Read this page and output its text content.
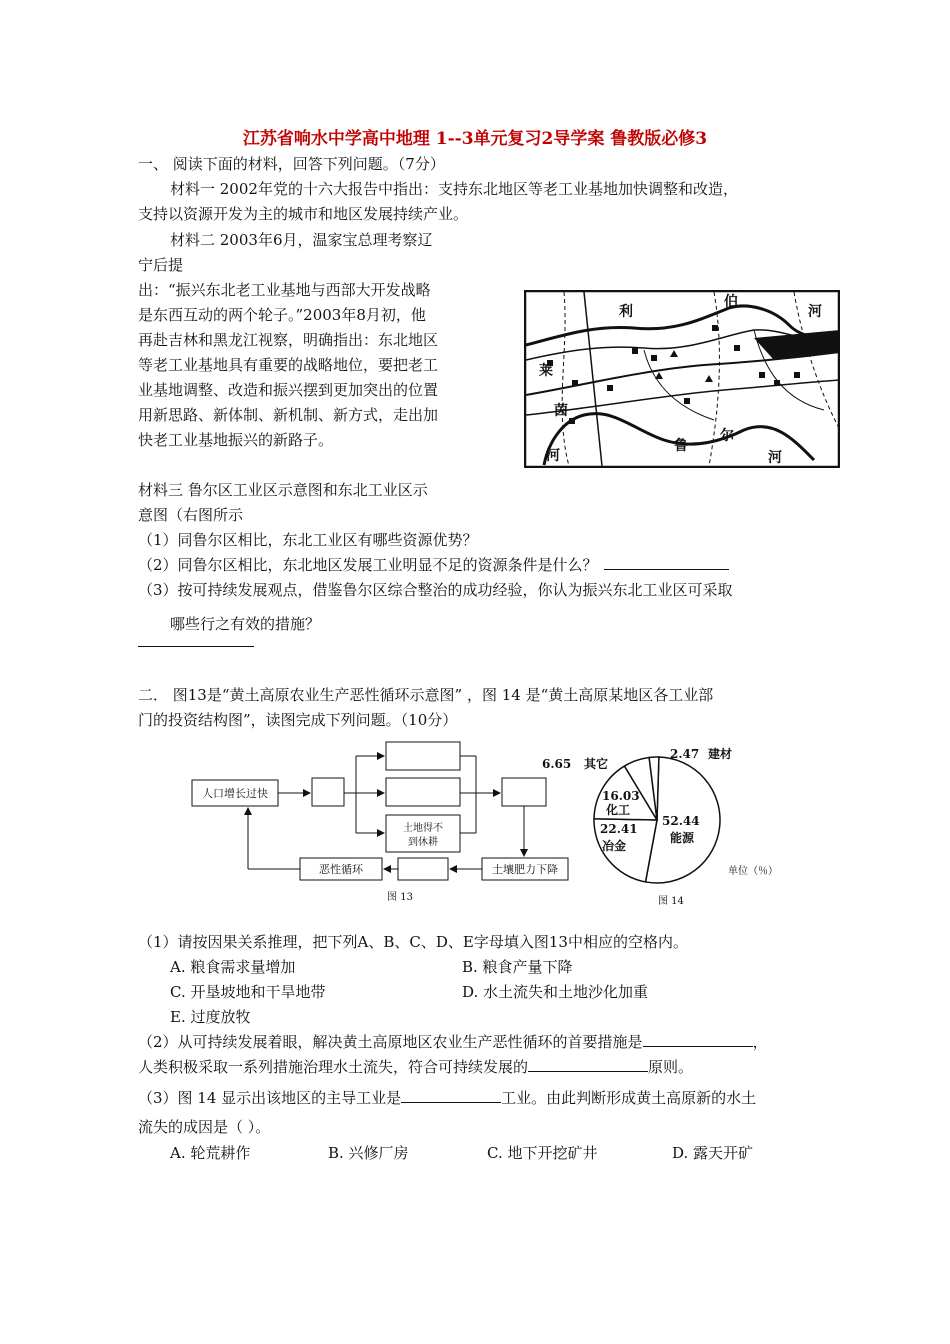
江苏省响水中学高中地理 1--3单元复习2导学案 鲁教版必修3
一、 阅读下面的材料，回答下列问题。（7分）
材料一 2002年党的十六大报告中指出：支持东北地区等老工业基地加快调整和改造，
支持以资源开发为主的城市和地区发展持续产业。
材料二 2003年6月，温家宝总理考察辽
宁后提
出：“振兴东北老工业基地与西部大开发战略
是东西互动的两个轮子。”2003年8月初，他
再赴吉林和黑龙江视察，明确指出：东北地区
等老工业基地具有重要的战略地位，要把老工
业基地调整、改造和振兴摆到更加突出的位置
用新思路、新体制、新机制、新方式，走出加
快老工业基地振兴的新路子。
材料三 鲁尔区工业区示意图和东北工业区示
意图（右图所示
利
伯
河
莱
茵
河
鲁
尔
河
（1）同鲁尔区相比，东北工业区有哪些资源优势？
（2）同鲁尔区相比，东北地区发展工业明显不足的资源条件是什么？
（3）按可持续发展观点，借鉴鲁尔区综合整治的成功经验，你认为振兴东北工业区可采取
哪些行之有效的措施？
二． 图13是“黄土高原农业生产恶性循环示意图” ，图 14 是“黄土高原某地区各工业部
门的投资结构图”，读图完成下列问题。（10分）
人口增长过快
土地得不
到休耕
土壤肥力下降
恶性循环
图 13
52.44
能源
22.41
冶金
16.03
化工
6.65 其它
2.47 建材
单位（％）
图 14
（1）请按因果关系推理，把下列A、B、C、D、E字母填入图13中相应的空格内。
A. 粮食需求量增加	B. 粮食产量下降
C. 开垦坡地和干旱地带	D. 水土流失和土地沙化加重
E. 过度放牧
（2）从可持续发展着眼，解决黄土高原地区农业生产恶性循环的首要措施是	，
人类积极采取一系列措施治理水土流失，符合可持续发展的	原则。
（3）图 14 显示出该地区的主导工业是	工业。由此判断形成黄土高原新的水土
流失的成因是（ ）。
A. 轮荒耕作	B. 兴修厂房	C. 地下开挖矿井	D. 露天开矿
